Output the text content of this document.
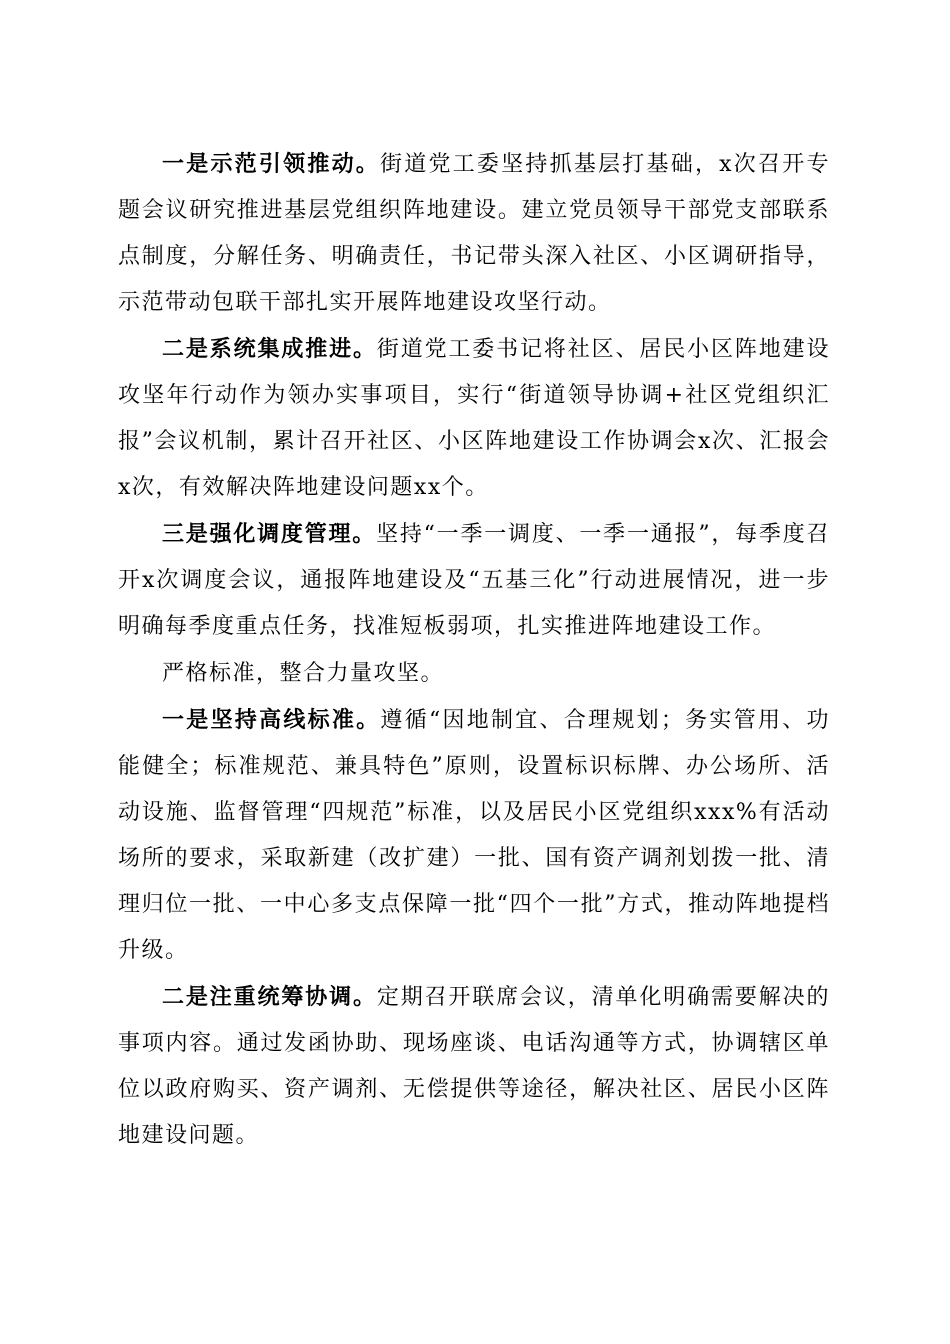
一是示范引领推动。街道党工委坚持抓基层打基础，x次召开专题会议研究推进基层党组织阵地建设。建立党员领导干部党支部联系点制度，分解任务、明确责任，书记带头深入社区、小区调研指导，示范带动包联干部扎实开展阵地建设攻坚行动。

二是系统集成推进。街道党工委书记将社区、居民小区阵地建设攻坚年行动作为领办实事项目，实行“街道领导协调+社区党组织汇报”会议机制，累计召开社区、小区阵地建设工作协调会x次、汇报会x次，有效解决阵地建设问题xx个。

三是强化调度管理。坚持“一季一调度、一季一通报”，每季度召开x次调度会议，通报阵地建设及“五基三化”行动进展情况，进一步明确每季度重点任务，找准短板弱项，扎实推进阵地建设工作。

严格标准，整合力量攻坚。

一是坚持高线标准。遵循“因地制宜、合理规划；务实管用、功能健全；标准规范、兼具特色”原则，设置标识标牌、办公场所、活动设施、监督管理“四规范”标准，以及居民小区党组织xxx%有活动场所的要求，采取新建（改扩建）一批、国有资产调剂划拨一批、清理归位一批、一中心多支点保障一批“四个一批”方式，推动阵地提档升级。

二是注重统筹协调。定期召开联席会议，清单化明确需要解决的事项内容。通过发函协助、现场座谈、电话沟通等方式，协调辖区单位以政府购买、资产调剂、无偿提供等途径，解决社区、居民小区阵地建设问题。
